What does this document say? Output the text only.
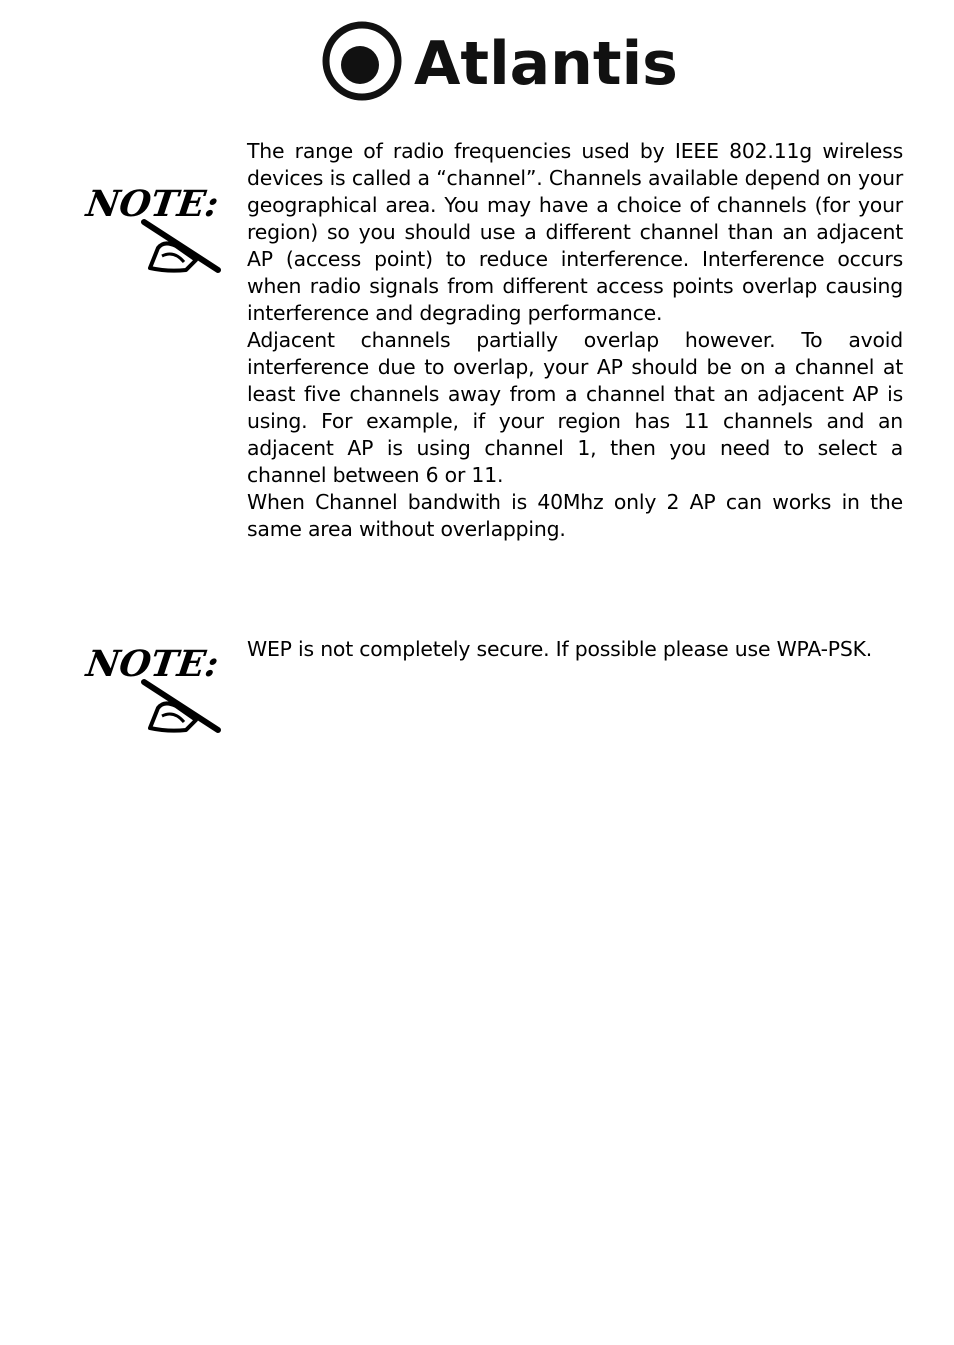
Atlantis
NOTE:

The range of radio frequencies used by IEEE 802.11g wireless devices is called a “channel”. Channels available depend on your geographical area. You may have a choice of channels (for your region) so you should use a different channel than an adjacent AP (access point) to reduce interference. Interference occurs when radio signals from different access points overlap causing interference and degrading performance.

Adjacent channels partially overlap however. To avoid interference due to overlap, your AP should be on a channel at least five channels away from a channel that an adjacent AP is using. For example, if your region has 11 channels and an adjacent AP is using channel 1, then you need to select a channel between 6 or 11.

When Channel bandwith is 40Mhz only 2 AP can works in the same area without overlapping.

NOTE: WEP is not completely secure. If possible please use WPA-PSK.
